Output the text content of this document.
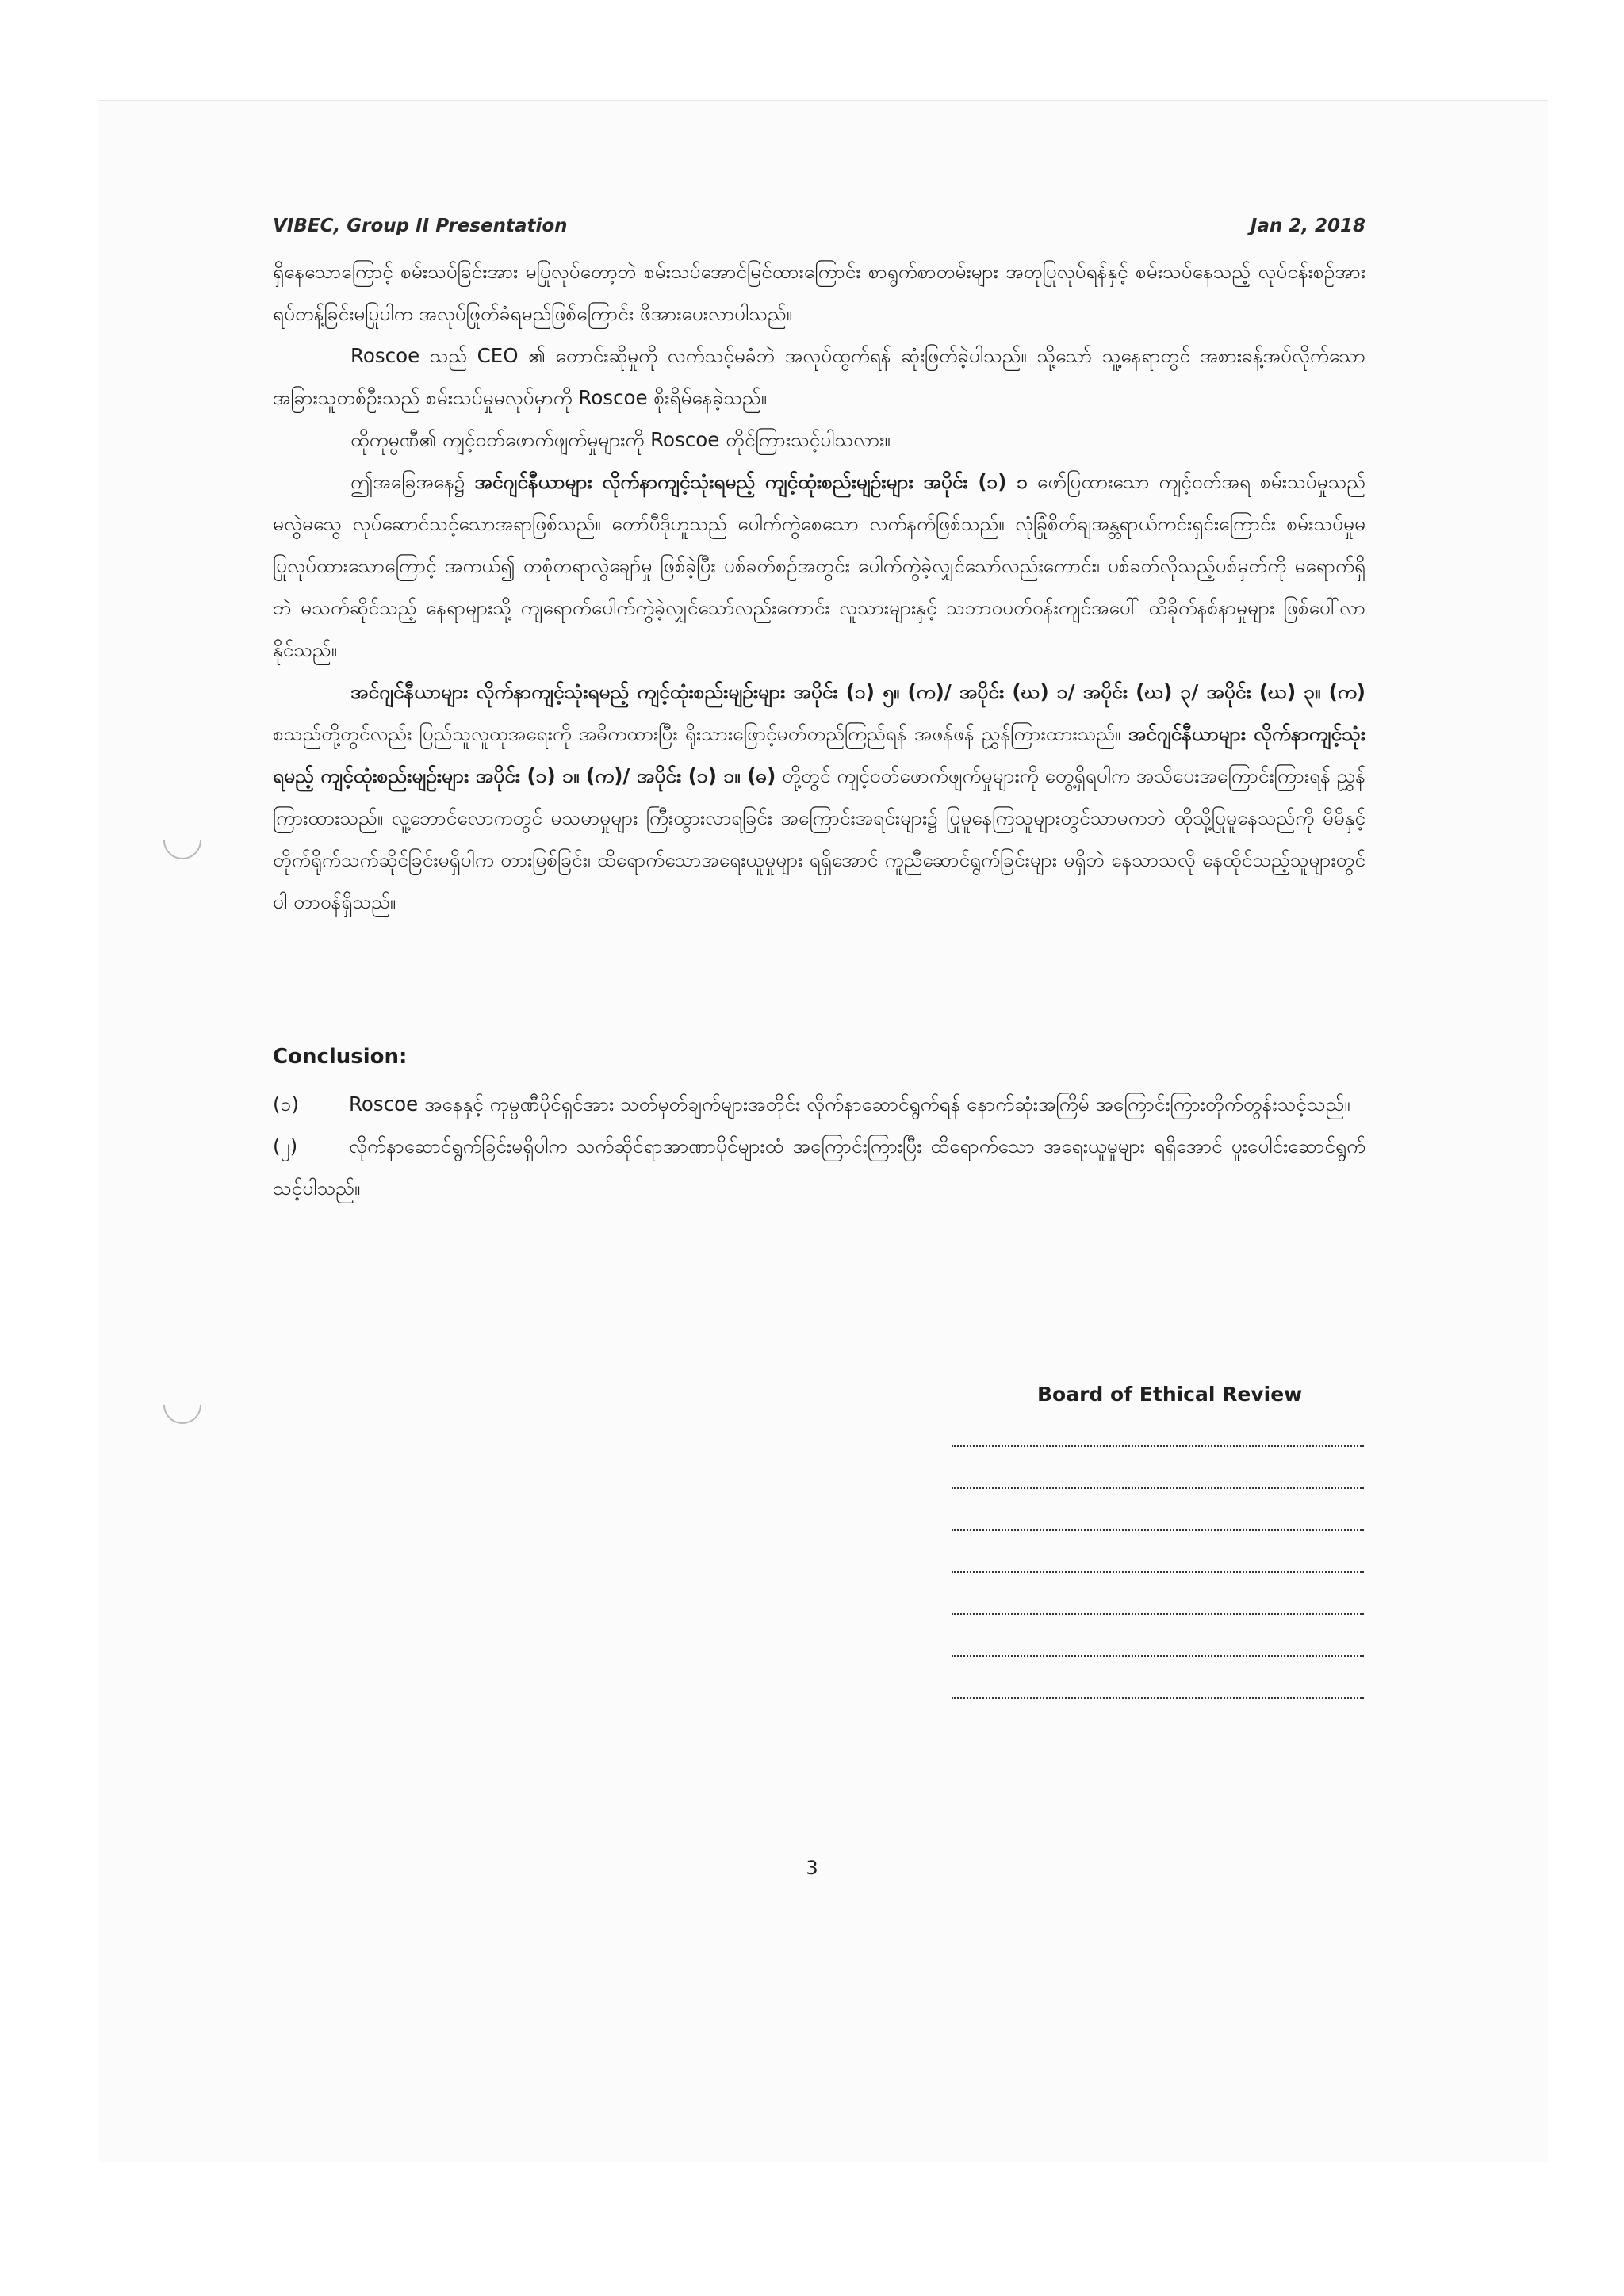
VIBEC, Group II Presentation	Jan 2, 2018

ရှိနေသောကြောင့် စမ်းသပ်ခြင်းအား မပြုလုပ်တော့ဘဲ စမ်းသပ်အောင်မြင်ထားကြောင်း စာရွက်စာတမ်းများ အတုပြုလုပ်ရန်နှင့် စမ်းသပ်နေသည့် လုပ်ငန်းစဉ်အားရပ်တန့်ခြင်းမပြုပါက အလုပ်ဖြုတ်ခံရမည်ဖြစ်ကြောင်း ဖိအားပေးလာပါသည်။

Roscoe သည် CEO ၏ တောင်းဆိုမှုကို လက်သင့်မခံဘဲ အလုပ်ထွက်ရန် ဆုံးဖြတ်ခဲ့ပါသည်။ သို့သော် သူ့နေရာတွင် အစားခန့်အပ်လိုက်သော အခြားသူတစ်ဦးသည် စမ်းသပ်မှုမလုပ်မှာကို Roscoe စိုးရိမ်နေခဲ့သည်။

ထိုကုမ္ပဏီ၏ ကျင့်ဝတ်ဖောက်ဖျက်မှုများကို Roscoe တိုင်ကြားသင့်ပါသလား။

ဤအခြေအနေ၌ အင်ဂျင်နီယာများ လိုက်နာကျင့်သုံးရမည့် ကျင့်ထုံးစည်းမျဉ်းများ အပိုင်း (၁) ၁ ဖော်ပြထားသော ကျင့်ဝတ်အရ စမ်းသပ်မှုသည် မလွဲမသွေ လုပ်ဆောင်သင့်သောအရာဖြစ်သည်။ တော်ပီဒိုဟူသည် ပေါက်ကွဲစေသော လက်နက်ဖြစ်သည်။ လုံခြုံစိတ်ချအန္တရာယ်ကင်းရှင်းကြောင်း စမ်းသပ်မှုမပြုလုပ်ထားသောကြောင့် အကယ်၍ တစုံတရာလွဲချော်မှု ဖြစ်ခဲ့ပြီး ပစ်ခတ်စဉ်အတွင်း ပေါက်ကွဲခဲ့လျှင်သော်လည်းကောင်း၊ ပစ်ခတ်လိုသည့်ပစ်မှတ်ကို မရောက်ရှိဘဲ မသက်ဆိုင်သည့် နေရာများသို့ ကျရောက်ပေါက်ကွဲခဲ့လျှင်သော်လည်းကောင်း လူသားများနှင့် သဘာဝပတ်ဝန်းကျင်အပေါ် ထိခိုက်နစ်နာမှုများ ဖြစ်ပေါ်လာနိုင်သည်။

အင်ဂျင်နီယာများ လိုက်နာကျင့်သုံးရမည့် ကျင့်ထုံးစည်းမျဉ်းများ အပိုင်း (၁) ၅။ (က)/ အပိုင်း (ဃ) ၁/ အပိုင်း (ဃ) ၃/ အပိုင်း (ဃ) ၃။ (က) စသည်တို့တွင်လည်း ပြည်သူလူထုအရေးကို အဓိကထားပြီး ရိုးသားဖြောင့်မတ်တည်ကြည်ရန် အဖန်ဖန် ညွှန်ကြားထားသည်။ အင်ဂျင်နီယာများ လိုက်နာကျင့်သုံးရမည့် ကျင့်ထုံးစည်းမျဉ်းများ အပိုင်း (၁) ၁။ (က)/ အပိုင်း (၁) ၁။ (ဓ) တို့တွင် ကျင့်ဝတ်ဖောက်ဖျက်မှုများကို တွေ့ရှိရပါက အသိပေးအကြောင်းကြားရန် ညွှန်ကြားထားသည်။ လူ့ဘောင်လောကတွင် မသမာမှုများ ကြီးထွားလာရခြင်း အကြောင်းအရင်းများ၌ ပြုမူနေကြသူများတွင်သာမကဘဲ ထိုသို့ပြုမူနေသည်ကို မိမိနှင့် တိုက်ရိုက်သက်ဆိုင်ခြင်းမရှိပါက တားမြစ်ခြင်း၊ ထိရောက်သောအရေးယူမှုများ ရရှိအောင် ကူညီဆောင်ရွက်ခြင်းများ မရှိဘဲ နေသာသလို နေထိုင်သည့်သူများတွင်ပါ တာဝန်ရှိသည်။

Conclusion:

(၁)	Roscoe အနေနှင့် ကုမ္ပဏီပိုင်ရှင်အား သတ်မှတ်ချက်များအတိုင်း လိုက်နာဆောင်ရွက်ရန် နောက်ဆုံးအကြိမ် အကြောင်းကြားတိုက်တွန်းသင့်သည်။

(၂)	လိုက်နာဆောင်ရွက်ခြင်းမရှိပါက သက်ဆိုင်ရာအာဏာပိုင်များထံ အကြောင်းကြားပြီး ထိရောက်သော အရေးယူမှုများ ရရှိအောင် ပူးပေါင်းဆောင်ရွက်သင့်ပါသည်။

Board of Ethical Review
3
